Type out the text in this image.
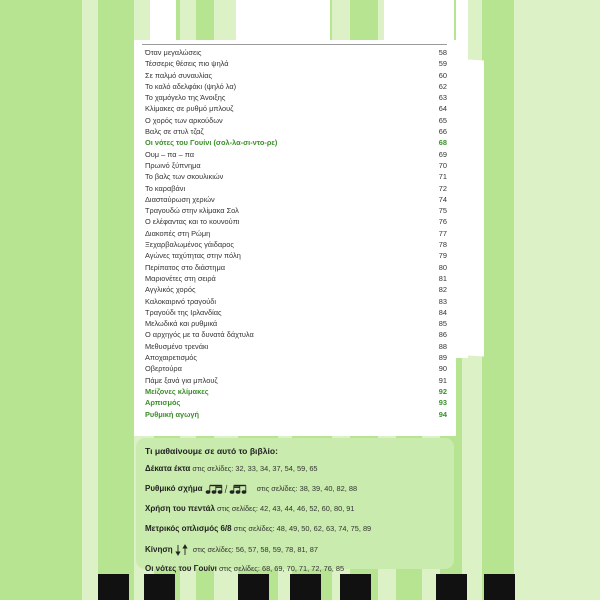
Όταν μεγαλώσεις	58
Τέσσερις θέσεις πιο ψηλά	59
Σε παλμό συναυλίας	60
Το καλό αδελφάκι (ψηλό λα)	62
Το χαμόγελο της Άνοιξης	63
Κλίμακες σε ρυθμό μπλουζ	64
Ο χορός των αρκούδων	65
Βαλς σε στυλ τζαζ	66
Οι νότες του Γουίνι (σολ-λα-σι-ντο-ρε)	68
Ουμ – πα – πα	69
Πρωινό ξύπνημα	70
Το βαλς των σκουλικιών	71
Το καραβάνι	72
Διασταύρωση χεριών	74
Τραγουδώ στην κλίμακα Σολ	75
Ο ελέφαντας και το κουνούπι	76
Διακοπές στη Ρώμη	77
Ξεχαρβαλωμένος γάιδαρος	78
Αγώνες ταχύτητας στην πόλη	79
Περίπατος στο διάστημα	80
Μαριονέτες στη σειρά	81
Αγγλικός χορός	82
Καλοκαιρινό τραγούδι	83
Τραγούδι της Ιρλανδίας	84
Μελωδικά και ρυθμικά	85
Ο αρχηγός με τα δυνατά δάχτυλα	86
Μεθυσμένο τρενάκι	88
Αποχαιρετισμός	89
Οβερτούρα	90
Πάμε ξανά για μπλουζ	91
Μείζονες κλίμακες	92
Αρπισμός	93
Ρυθμική αγωγή	94
Τι μαθαίνουμε σε αυτό το βιβλίο:
Δέκατα έκτα στις σελίδες: 32, 33, 34, 37, 54, 59, 65
Ρυθμικό σχήμα	στις σελίδες: 38, 39, 40, 82, 88
Χρήση του πεντάλ στις σελίδες: 42, 43, 44, 46, 52, 60, 80, 91
Μετρικός οπλισμός 6/8 στις σελίδες: 48, 49, 50, 62, 63, 74, 75, 89
Κίνηση στις σελίδες: 56, 57, 58, 59, 78, 81, 87
Οι νότες του Γουίνι στις σελίδες: 68, 69, 70, 71, 72, 76, 85
